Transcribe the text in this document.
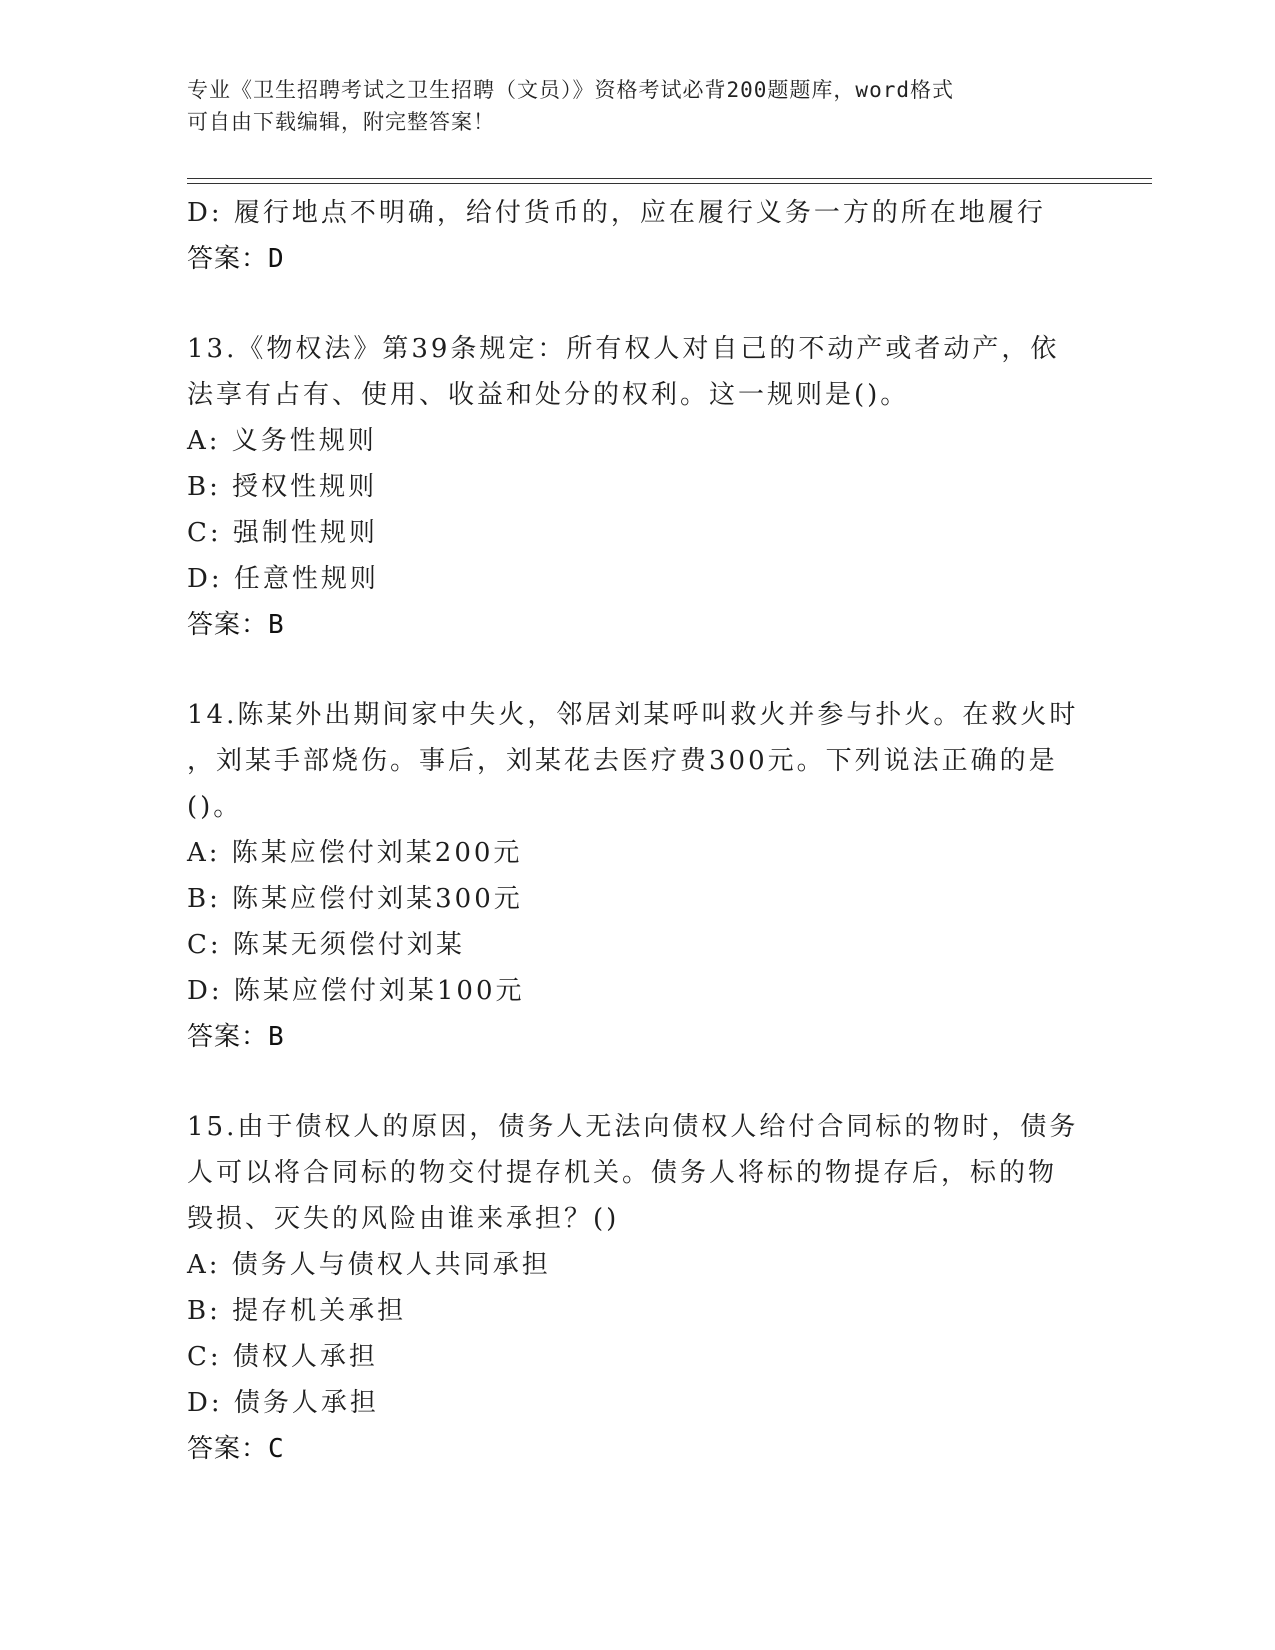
专业《卫生招聘考试之卫生招聘（文员）》资格考试必背200题题库，word格式
可自由下载编辑，附完整答案！
D: 履行地点不明确，给付货币的，应在履行义务一方的所在地履行
答案：D
13.《物权法》第39条规定：所有权人对自己的不动产或者动产，依
法享有占有、使用、收益和处分的权利。这一规则是()。
A: 义务性规则
B: 授权性规则
C: 强制性规则
D: 任意性规则
答案：B
14.陈某外出期间家中失火，邻居刘某呼叫救火并参与扑火。在救火时
，刘某手部烧伤。事后，刘某花去医疗费300元。下列说法正确的是
()。
A: 陈某应偿付刘某200元
B: 陈某应偿付刘某300元
C: 陈某无须偿付刘某
D: 陈某应偿付刘某100元
答案：B
15.由于债权人的原因，债务人无法向债权人给付合同标的物时，债务
人可以将合同标的物交付提存机关。债务人将标的物提存后，标的物
毁损、灭失的风险由谁来承担？()
A: 债务人与债权人共同承担
B: 提存机关承担
C: 债权人承担
D: 债务人承担
答案：C
